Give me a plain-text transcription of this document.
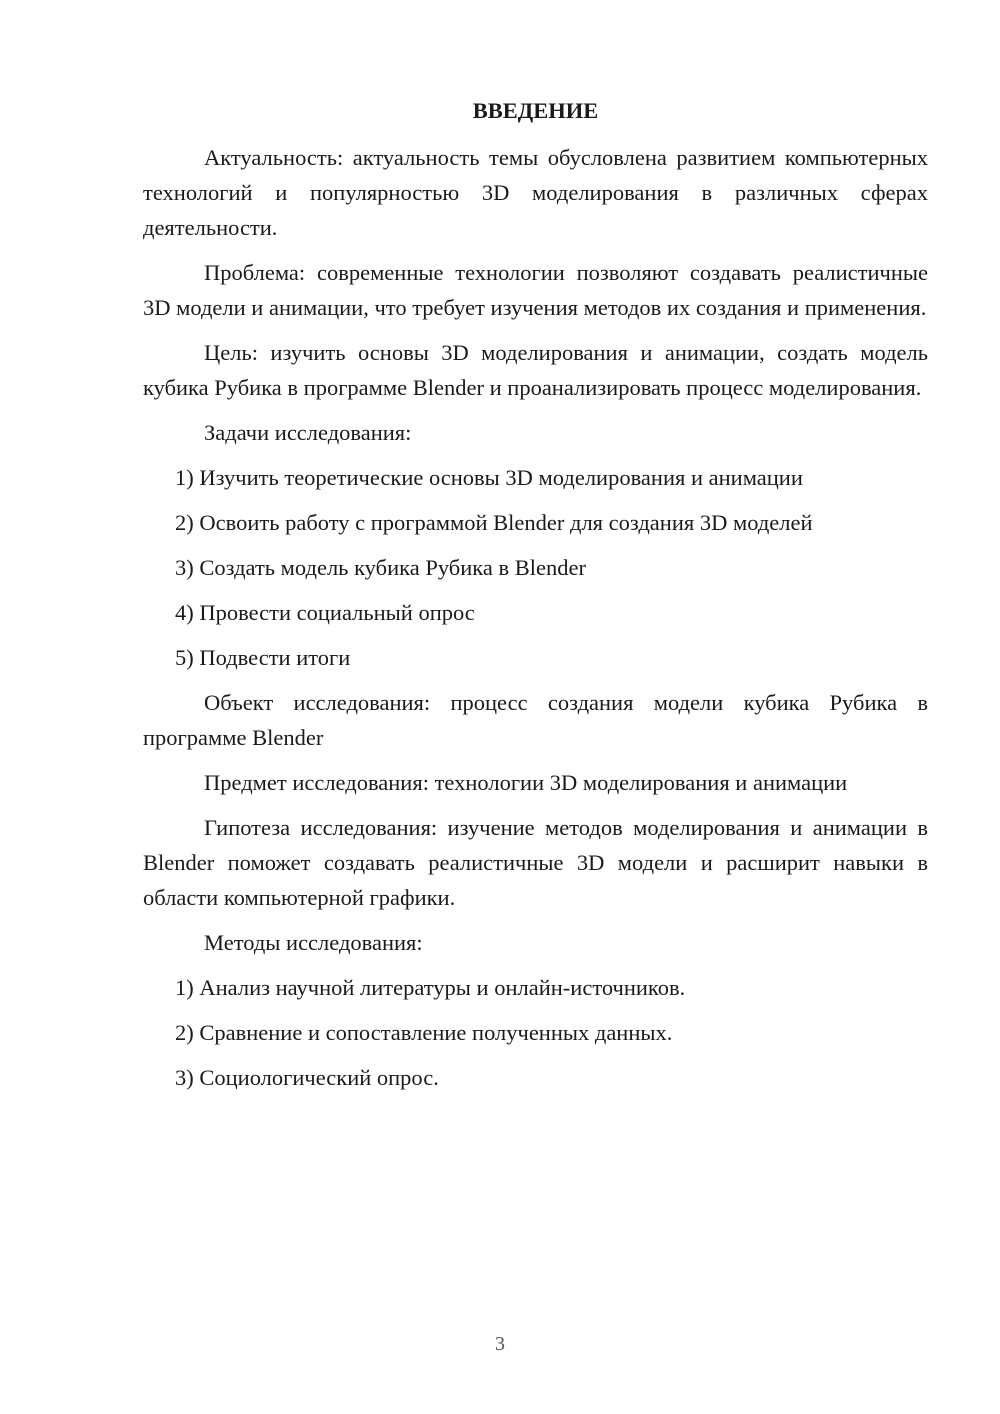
ВВЕДЕНИЕ

Актуальность: актуальность темы обусловлена развитием компьютерных технологий и популярностью 3D моделирования в различных сферах деятельности.

Проблема: современные технологии позволяют создавать реалистичные 3D модели и анимации, что требует изучения методов их создания и применения.

Цель: изучить основы 3D моделирования и анимации, создать модель кубика Рубика в программе Blender и проанализировать процесс моделирования.

Задачи исследования:

1) Изучить теоретические основы 3D моделирования и анимации

2) Освоить работу с программой Blender для создания 3D моделей

3) Создать модель кубика Рубика в Blender

4) Провести социальный опрос

5) Подвести итоги

Объект исследования: процесс создания модели кубика Рубика в программе Blender

Предмет исследования: технологии 3D моделирования и анимации

Гипотеза исследования: изучение методов моделирования и анимации в Blender поможет создавать реалистичные 3D модели и расширит навыки в области компьютерной графики.

Методы исследования:

1) Анализ научной литературы и онлайн-источников.

2) Сравнение и сопоставление полученных данных.

3) Социологический опрос.

3
